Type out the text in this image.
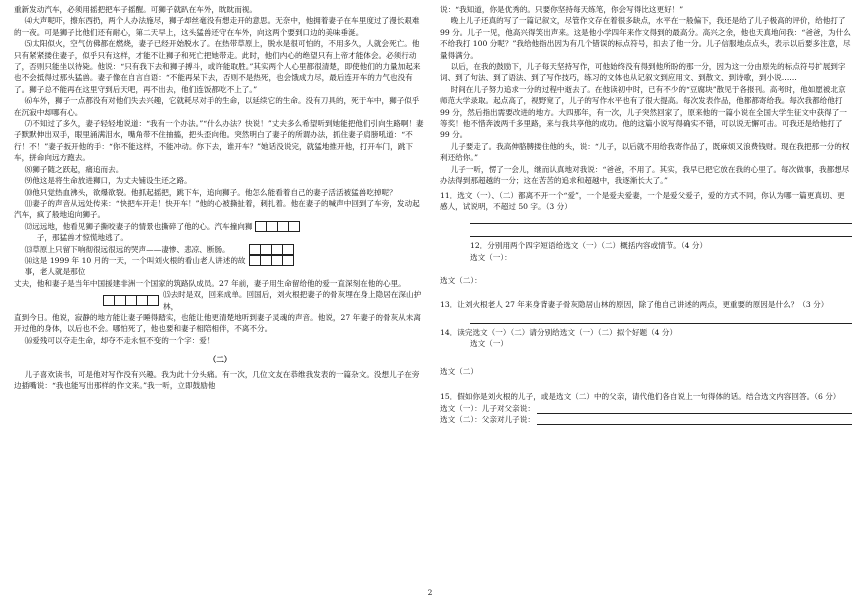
重新发动汽车，必须用摇把把车子摇醒。可狮子就趴在车外，眈眈而视。

⑷大声呢吓，擦东西扔，两个人办法施尽，狮子却丝毫没有想走开的意思。无奈中，他拥着妻子在车里度过了漫长艰难的一夜。可是狮子比他们还有耐心，第二天早上，这头猛兽还守在车外，向这两个要到口边的美味垂涎。

⑸太阳似火，空气仿佛都在燃烧，妻子已经开始脱水了。在热带草原上，脱水是很可怕的，不用多久，人就会死亡。他只有紧紧搂住妻子，似乎只有这样，才能不让狮子和死亡把她带走。此时，他们内心的绝望只有上帝才能体会。必须行动了，否则只能坐以待毙。他说：“只有我下去和狮子搏斗，或许能取胜。”其实两个人心里都很清楚，即使他们的力量加起来也不会抵得过那头猛兽。妻子像在自言自语：“不能再呆下去，否则不是热死，也会饿成力尽，最后连开车的力气也没有了。狮子总不能再在这里守到后天吧，再不出去，他们连饭都吃不上了。”

⑹车外，狮子一点都没有对他们失去兴趣，它就耗尽对手的生命，以延续它的生命。没有刀具的，死于车中，狮子似乎在沉寂中却哪有心。

⑺不知过了多久，妻子轻轻地说道：“我有一个办法。”“什么办法？快说！”丈夫多么希望听到她能把他们引向生路啊！妻子默默伸出双手，眼里涌满泪水，嘴角带不住抽搐，把头歪向他。突然明白了妻子的所谓办法，抓住妻子肩膀吼道：“不行！不！”妻子扳开他的手：“你不能这样，不能冲动。你下去，谁开车？”她话没说完，就猛地推开他，打开车门，跳下车，拼命向远方跑去。

⑻狮子随之跃起，痛追而去。

⑼他这是将生命放进狮口，为丈夫铺设生还之路。

⑽他只觉热血沸头，欲爆欲裂。他抓起摇把，跳下车，追向狮子。他怎么能看着自己的妻子活活被猛兽吃掉呢？

⑾妻子的声音从远处传来：“快把车开走！快开车！”他的心被撕扯着，刺扎着。他在妻子的喊声中回到了车旁，发动起汽车，疯了般地追向狮子。

⑿远远地，他看见狮子撕咬妻子的情景也撕碎了他的心。汽车撞向狮

子，那猛兽才惊慌地逃了。

⒀草原上只留下响彻很远很远的哭声——凄惨、悲凉、断肠。
⒁这是 1999 年 10 月的一天，一个叫刘火根的看山老人讲述的故

事，老人就是那位

丈夫，他和妻子是当年中国援建非洲一个国家的筑路队成员。27 年前，妻子用生命留给他的爱一直深刻在他的心里。

⒂去时是双，回来成单。回国后，刘火根把妻子的骨灰埋在身上隐居在深山护林，

直到今日。他说，寂静的地方能让妻子睡得踏实，也能让他更清楚地听到妻子灵魂的声音。他说，27 年妻子的骨灰从未离开过他的身体，以后也不会。哪怕死了，他也要和妻子相陪相伴，不离不分。

⒃爱残可以夺走生命，却夺不走永恒不变的一个字：爱！

（二）

儿子喜欢读书，可是他对写作没有兴趣。我为此十分头痛。有一次，几位文友在恭维我发表的一篇杂文。没想儿子在旁边插嘴说：“我也能写出那样的作文来。”我一听，立即鼓励他

说：“我知道，你是优秀的。只要你坚持每天练笔，你会写得比这更好！”

晚上儿子还真的写了一篇记叙文，尽管作文存在着很多缺点，水平在一般偏下，我还是给了儿子极高的评价，给他打了 99 分。儿子一见，他高兴得笑出声来。这是他小学四年来作文得到的最高分。高兴之余，他也天真地问我：“爸爸，为什么不给我打 100 分呢？”我给他指出因为有几个错误的标点符号，扣去了他一分。儿子信服地点点头，表示以后要多注意，尽量得满分。

以后，在我的鼓励下，儿子每天坚持写作，可他始终没有得到他所盼的那一分，因为这一分由原先的标点符号扩展到字词、到了句法、到了语法、到了写作技巧，练习的文体也从记叙文到应用文、到散文、到诗歌，到小说……

时间在儿子努力追求一分的过程中逝去了。在他读初中时，已有不少的“豆腐块”散见于各报刊。高考时，他如愿被北京师范大学录取。起点高了，视野宽了，儿子的写作水平也有了很大提高。每次发表作品，他都都寄给我。每次我都给他打 99 分，然后指出需要改进的地方。大四那年，有一次，儿子突然回家了，原来他的一篇小说在全国大学生征文中获得了一等奖！他不惜奔波两千多里路，来与我共享他的成功。他的这篇小说写得确实不错，可以说无懈可击。可我还是给他打了 99 分。

儿子要走了。我高伸胳膊搂住他的头，说：“儿子，以后就不用给我寄作品了，既麻烦又浪费钱财。现在我把那一分的权利还给你。”

儿子一听，愣了一会儿，继而认真地对我说：“爸爸，不用了。其实，我早已把它放在我的心里了。每次做事，我都想尽办法得到那超越的一分；这在苦苦的追求和超越中，我逐渐长大了。”

11．选文（一）、（二）都离不开一个“爱”，一个是爱夫爱妻，一个是爱父爱子，爱的方式不同，你认为哪一篇更真切、更感人，试说明，不超过 50 字。（3 分）

12．分别用两个四字短语给选文（一）（二）概括内容或情节。（4 分）

选文（一）：

选文（二）：

13．让刘火根老人 27 年来身背妻子骨灰隐居山林的原因，除了他自己讲述的两点，更重要的原因是什么？（3 分）

14．读完选文（一）（二）请分别给选文（一）（二）拟个好题（4 分）

选文（一）

选文（二）

15．假如你是刘火根的儿子，或是选文（二）中的父亲，请代他们各自说上一句得体的话。结合选文内容回答。（6 分）

选文（一）：儿子对父亲说：
选文（二）：父亲对儿子说：
2
